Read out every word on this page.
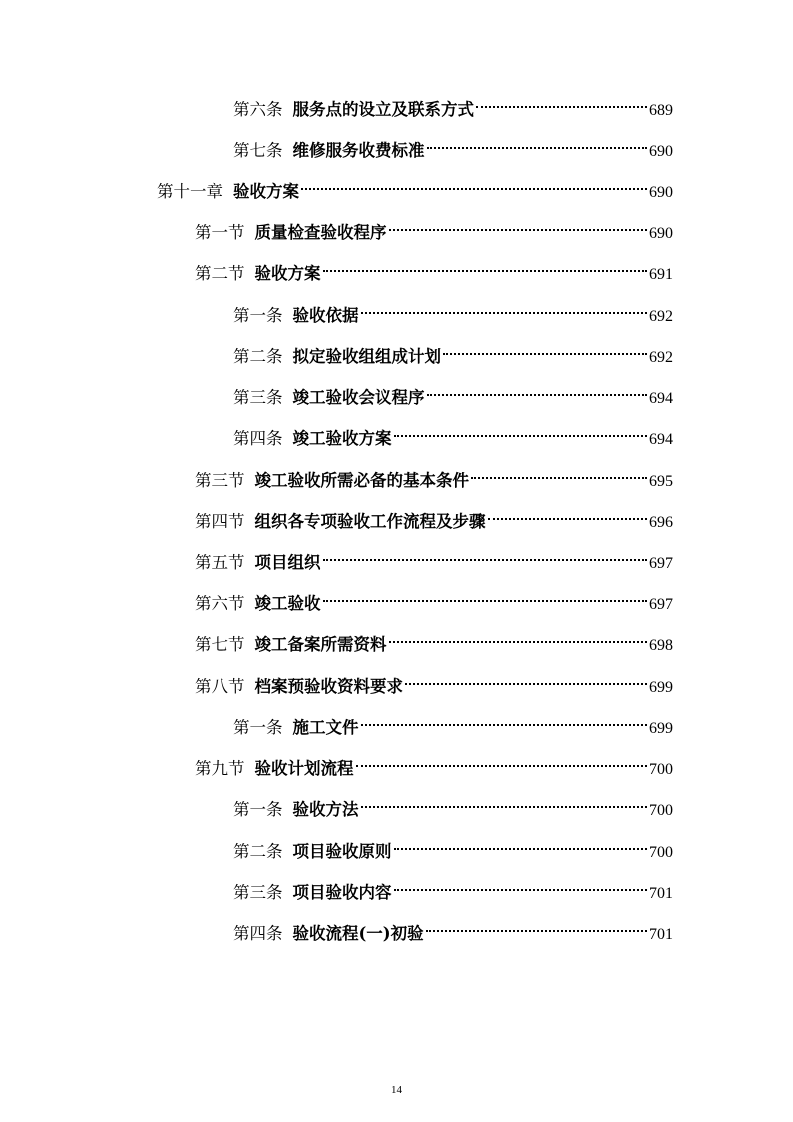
第六条 服务点的设立及联系方式	689
第七条 维修服务收费标准	690
第十一章 验收方案	690
第一节 质量检查验收程序	690
第二节 验收方案	691
第一条 验收依据	692
第二条 拟定验收组组成计划	692
第三条 竣工验收会议程序	694
第四条 竣工验收方案	694
第三节 竣工验收所需必备的基本条件	695
第四节 组织各专项验收工作流程及步骤	696
第五节 项目组织	697
第六节 竣工验收	697
第七节 竣工备案所需资料	698
第八节 档案预验收资料要求	699
第一条 施工文件	699
第九节 验收计划流程	700
第一条 验收方法	700
第二条 项目验收原则	700
第三条 项目验收内容	701
第四条 验收流程(一)初验	701
14
